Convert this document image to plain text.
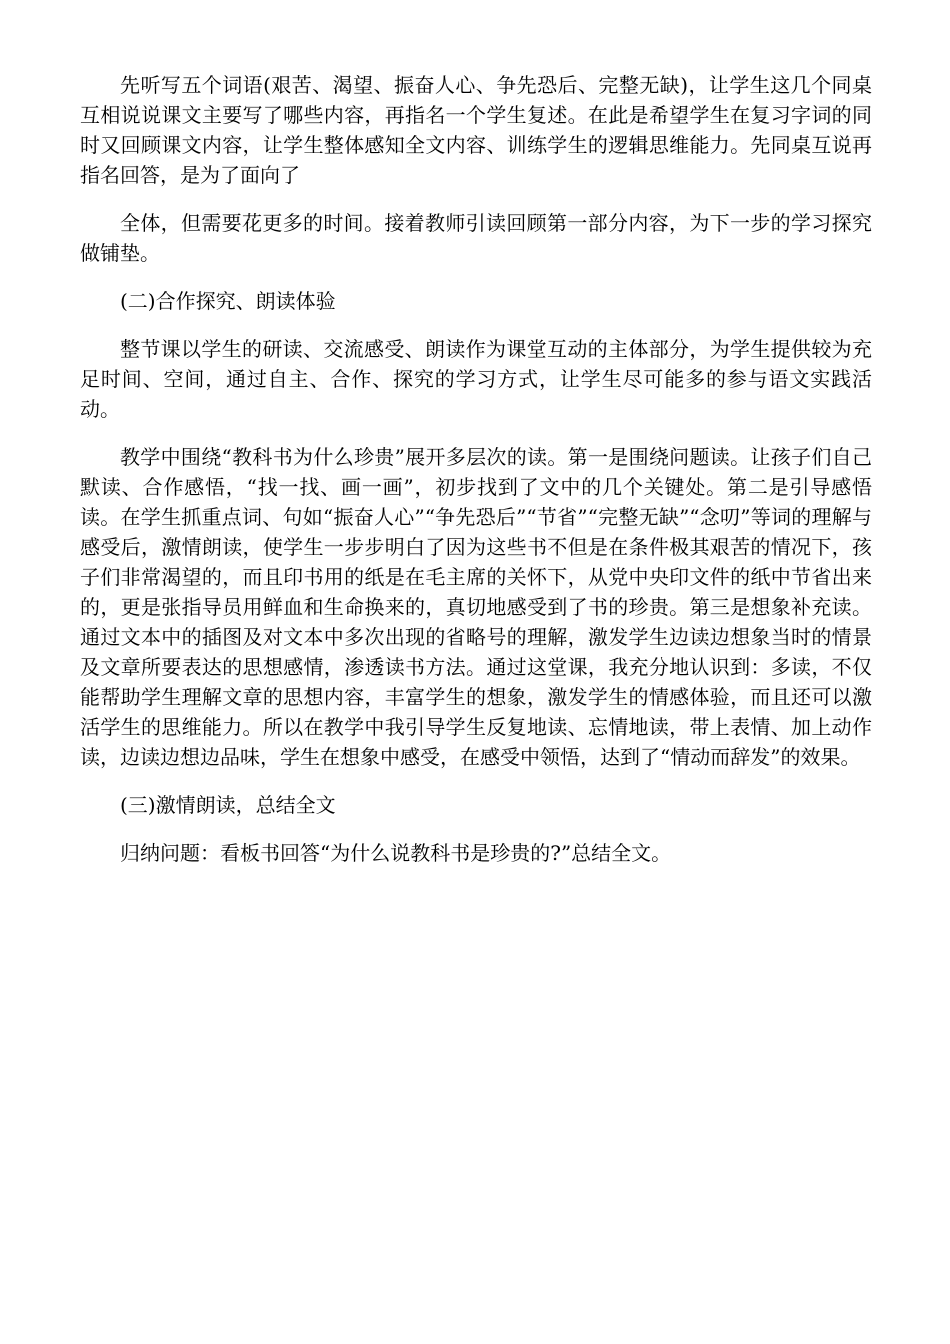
先听写五个词语(艰苦、渴望、振奋人心、争先恐后、完整无缺)，让学生这几个同桌互相说说课文主要写了哪些内容，再指名一个学生复述。在此是希望学生在复习字词的同时又回顾课文内容，让学生整体感知全文内容、训练学生的逻辑思维能力。先同桌互说再指名回答，是为了面向了

全体，但需要花更多的时间。接着教师引读回顾第一部分内容，为下一步的学习探究做铺垫。

(二)合作探究、朗读体验

整节课以学生的研读、交流感受、朗读作为课堂互动的主体部分，为学生提供较为充足时间、空间，通过自主、合作、探究的学习方式，让学生尽可能多的参与语文实践活动。

教学中围绕“教科书为什么珍贵”展开多层次的读。第一是围绕问题读。让孩子们自己默读、合作感悟，“找一找、画一画”，初步找到了文中的几个关键处。第二是引导感悟读。在学生抓重点词、句如“振奋人心”“争先恐后”“节省”“完整无缺”“念叨”等词的理解与感受后，激情朗读，使学生一步步明白了因为这些书不但是在条件极其艰苦的情况下，孩子们非常渴望的，而且印书用的纸是在毛主席的关怀下，从党中央印文件的纸中节省出来的，更是张指导员用鲜血和生命换来的，真切地感受到了书的珍贵。第三是想象补充读。通过文本中的插图及对文本中多次出现的省略号的理解，激发学生边读边想象当时的情景及文章所要表达的思想感情，渗透读书方法。通过这堂课，我充分地认识到：多读，不仅能帮助学生理解文章的思想内容，丰富学生的想象，激发学生的情感体验，而且还可以激活学生的思维能力。所以在教学中我引导学生反复地读、忘情地读，带上表情、加上动作读，边读边想边品味，学生在想象中感受，在感受中领悟，达到了“情动而辞发”的效果。

(三)激情朗读，总结全文

归纳问题：看板书回答“为什么说教科书是珍贵的?”总结全文。
